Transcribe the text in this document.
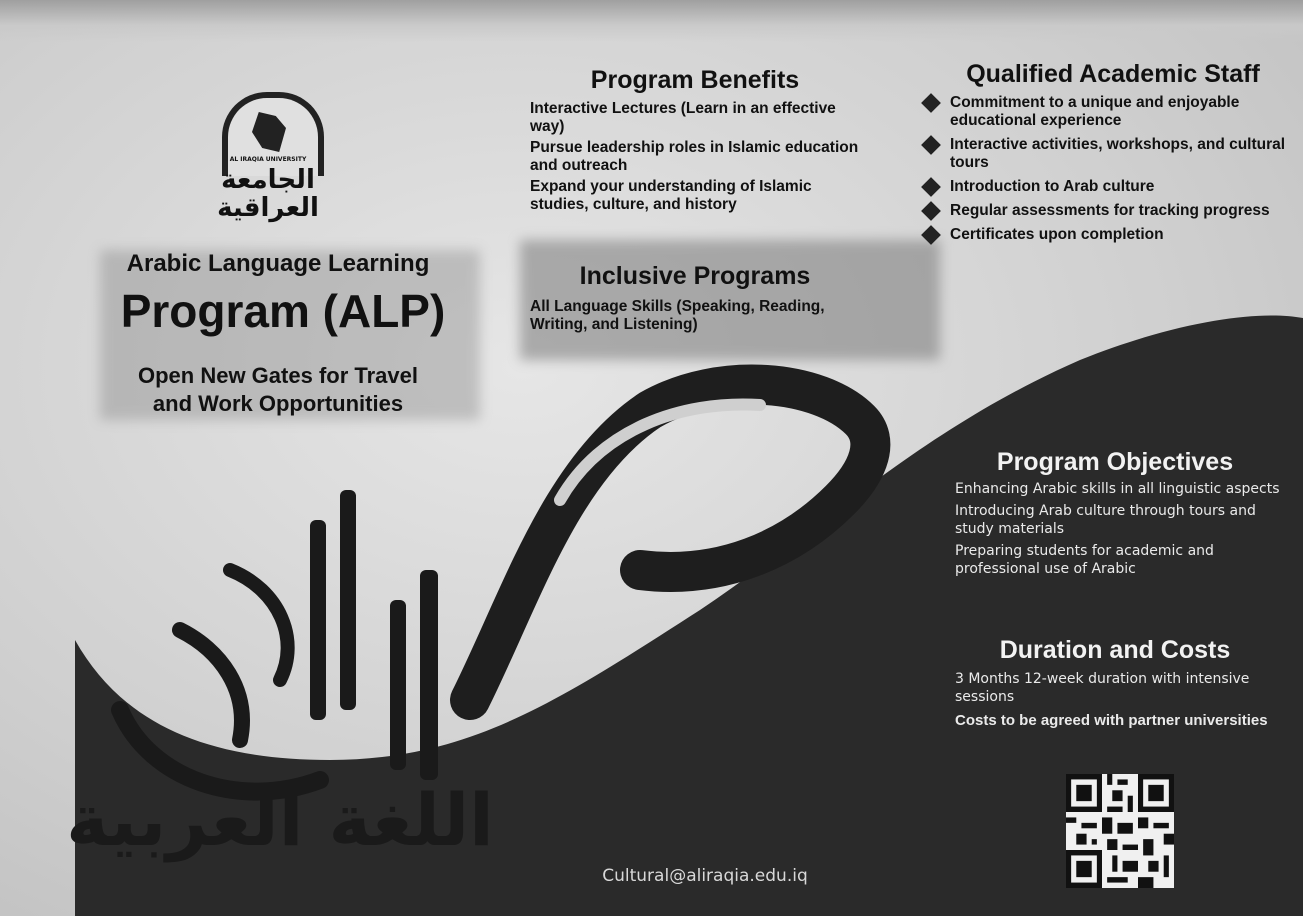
AL IRAQIA UNIVERSITY
الجامعة العراقية
Arabic Language Learning
Program (ALP)
Open New Gates for Travel and Work Opportunities
اللغة العربية
Program Benefits

Interactive Lectures (Learn in an effective way)

Pursue leadership roles in Islamic education and outreach

Expand your understanding of Islamic studies, culture, and history

Inclusive Programs

All Language Skills (Speaking, Reading, Writing, and Listening)

Qualified Academic Staff
Commitment to a unique and enjoyable educational experience
Interactive activities, workshops, and cultural tours
Introduction to Arab culture
Regular assessments for tracking progress
Certificates upon completion
Program Objectives

Enhancing Arabic skills in all linguistic aspects

Introducing Arab culture through tours and study materials

Preparing students for academic and professional use of Arabic

Duration and Costs

3 Months 12-week duration with intensive sessions

Costs to be agreed with partner universities

Cultural@aliraqia.edu.iq
